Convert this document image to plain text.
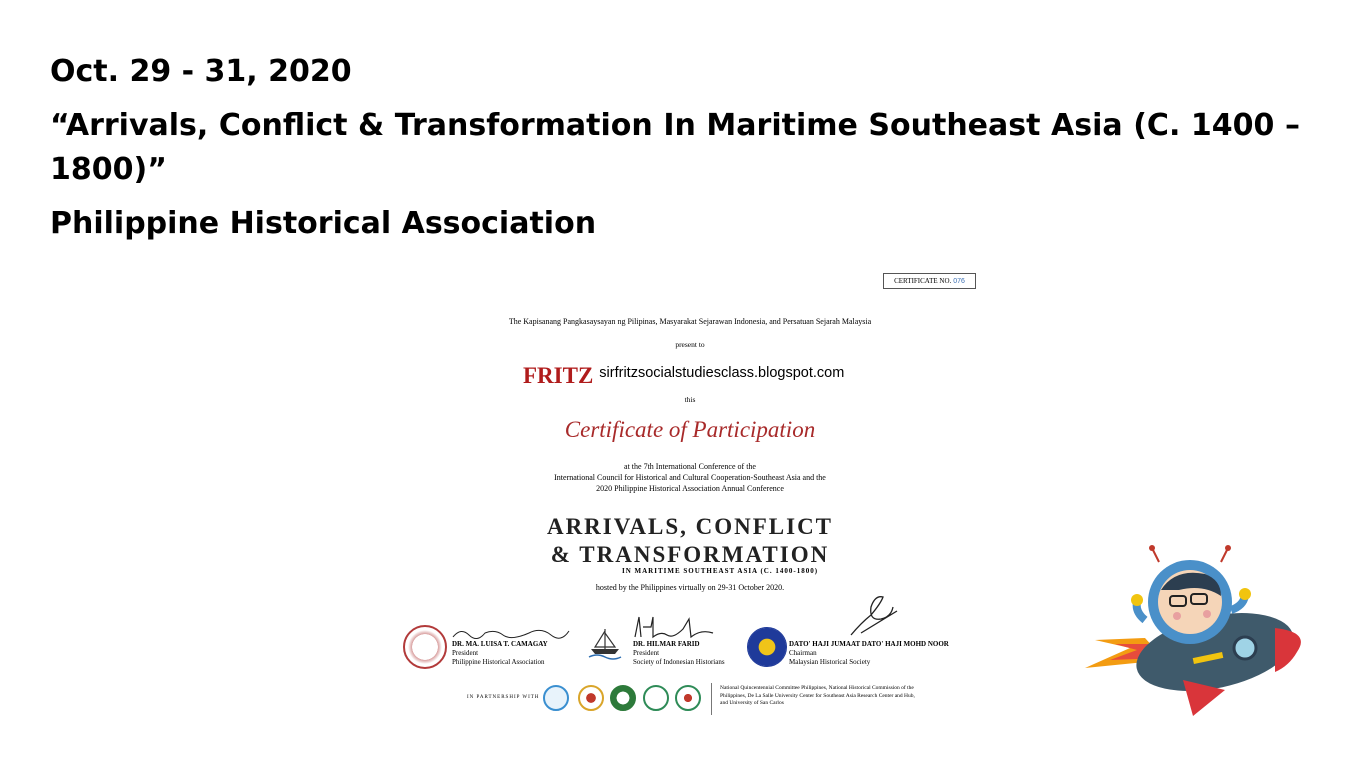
Oct. 29 - 31, 2020
“Arrivals, Conflict & Transformation In Maritime Southeast Asia (C. 1400 – 1800)”
Philippine Historical Association
CERTIFICATE NO. 076
The Kapisanang Pangkasaysayan ng Pilipinas, Masyarakat Sejarawan Indonesia, and Persatuan Sejarah Malaysia
present to
FRITZ sirfritzsocialstudiesclass.blogspot.com
this
Certificate of Participation
at the 7th International Conference of the
International Council for Historical and Cultural Cooperation-Southeast Asia and the
2020 Philippine Historical Association Annual Conference
ARRIVALS, CONFLICT
& TRANSFORMATION
IN MARITIME SOUTHEAST ASIA (C. 1400-1800)
hosted by the Philippines virtually on 29-31 October 2020.
DR. MA. LUISA T. CAMAGAY
President
Philippine Historical Association
DR. HILMAR FARID
President
Society of Indonesian Historians
DATO' HAJI JUMAAT DATO' HAJI MOHD NOOR
Chairman
Malaysian Historical Society
IN PARTNERSHIP WITH
National Quincentennial Committee Philippines, National Historical Commission of the Philippines, De La Salle University Center for Southeast Asia Research Center and Hub, and University of San Carlos
